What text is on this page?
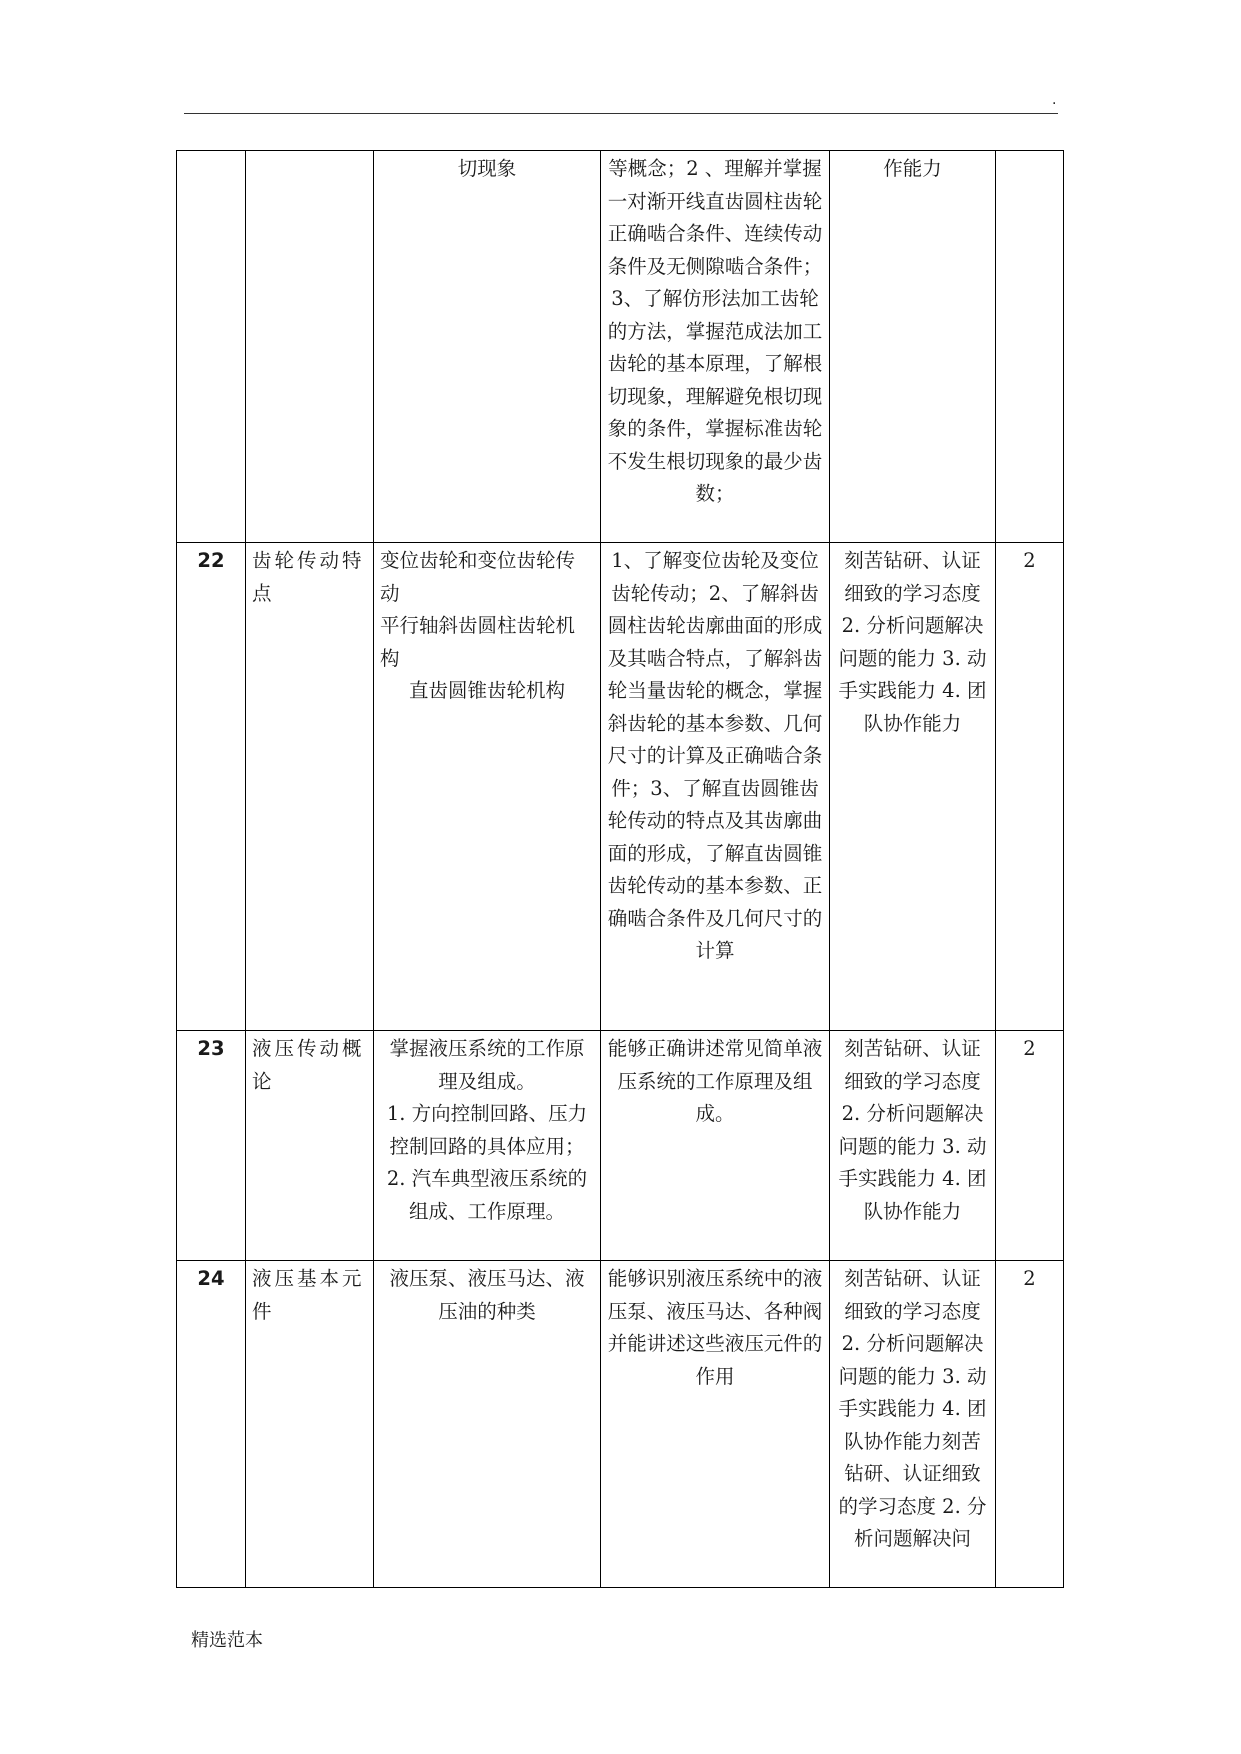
.
		切现象	等概念；2 、理解并掌握一对渐开线直齿圆柱齿轮正确啮合条件、连续传动条件及无侧隙啮合条件；3、了解仿形法加工齿轮的方法，掌握范成法加工齿轮的基本原理，了解根切现象，理解避免根切现象的条件，掌握标准齿轮不发生根切现象的最少齿数；	作能力	
22	齿轮传动特点	变位齿轮和变位齿轮传动
平行轴斜齿圆柱齿轮机构
直齿圆锥齿轮机构	1、了解变位齿轮及变位齿轮传动；2、了解斜齿圆柱齿轮齿廓曲面的形成及其啮合特点，了解斜齿轮当量齿轮的概念，掌握斜齿轮的基本参数、几何尺寸的计算及正确啮合条件；3、了解直齿圆锥齿轮传动的特点及其齿廓曲面的形成，了解直齿圆锥齿轮传动的基本参数、正确啮合条件及几何尺寸的计算	刻苦钻研、认证细致的学习态度 2. 分析问题解决问题的能力 3. 动手实践能力 4. 团队协作能力	2
23	液压传动概论	掌握液压系统的工作原理及组成。
1. 方向控制回路、压力控制回路的具体应用；
2. 汽车典型液压系统的组成、工作原理。	能够正确讲述常见简单液压系统的工作原理及组成。	刻苦钻研、认证细致的学习态度 2. 分析问题解决问题的能力 3. 动手实践能力 4. 团队协作能力	2
24	液压基本元件	液压泵、液压马达、液压油的种类	能够识别液压系统中的液压泵、液压马达、各种阀并能讲述这些液压元件的作用	刻苦钻研、认证细致的学习态度 2. 分析问题解决问题的能力 3. 动手实践能力 4. 团队协作能力刻苦钻研、认证细致的学习态度 2. 分析问题解决问	2
精选范本
